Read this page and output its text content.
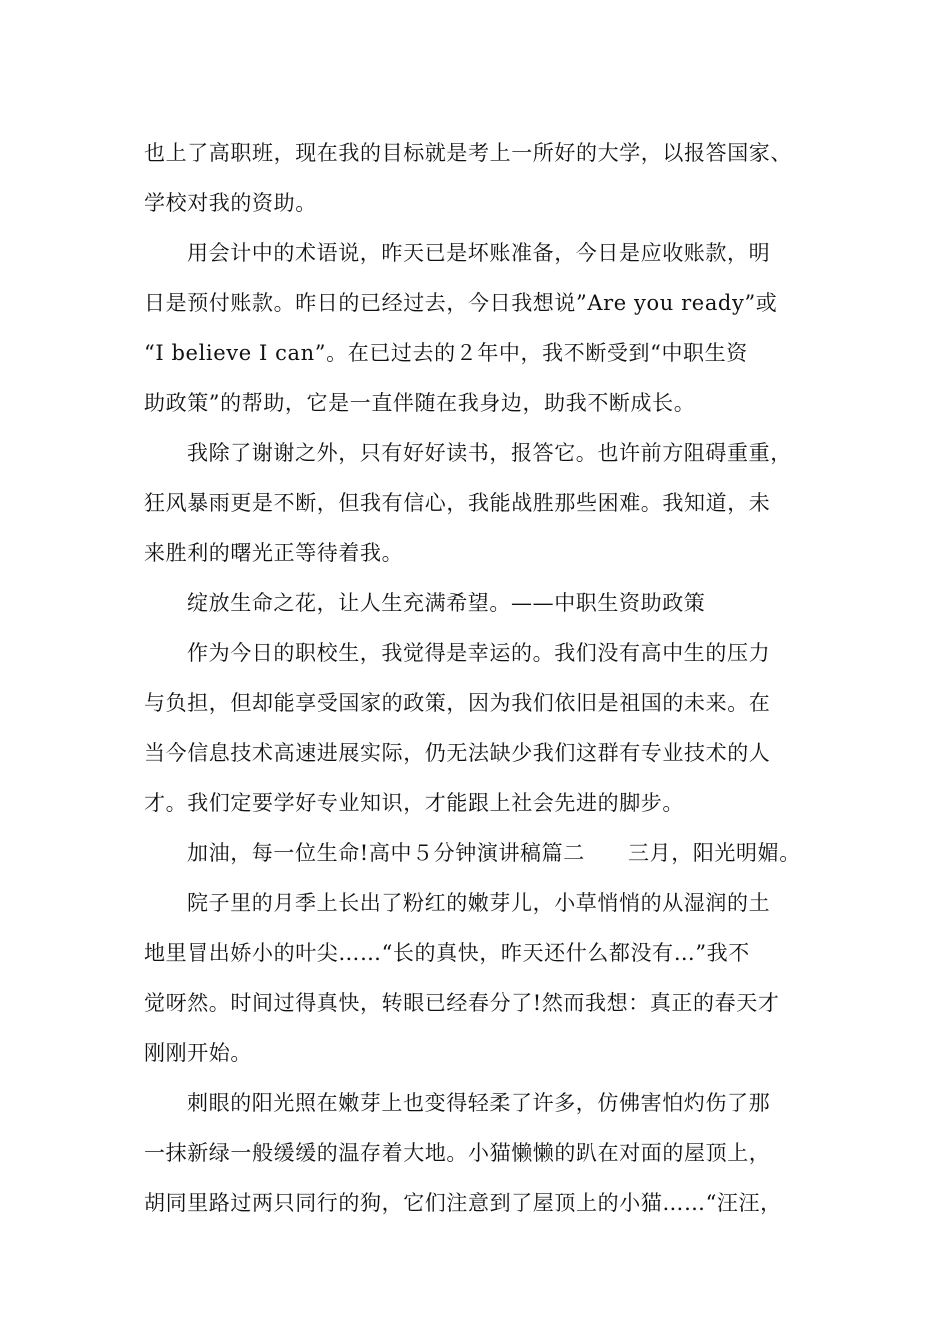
也上了高职班，现在我的目标就是考上一所好的大学，以报答国家、
学校对我的资助。
用会计中的术语说，昨天已是坏账准备，今日是应收账款，明
日是预付账款。昨日的已经过去，今日我想说”Are you ready”或
“I believe I can”。在已过去的２年中，我不断受到“中职生资
助政策”的帮助，它是一直伴随在我身边，助我不断成长。
我除了谢谢之外，只有好好读书，报答它。也许前方阻碍重重，
狂风暴雨更是不断，但我有信心，我能战胜那些困难。我知道，未
来胜利的曙光正等待着我。
绽放生命之花，让人生充满希望。——中职生资助政策
作为今日的职校生，我觉得是幸运的。我们没有高中生的压力
与负担，但却能享受国家的政策，因为我们依旧是祖国的未来。在
当今信息技术高速进展实际，仍无法缺少我们这群有专业技术的人
才。我们定要学好专业知识，才能跟上社会先进的脚步。
加油，每一位生命!高中５分钟演讲稿篇二　　三月，阳光明媚。
院子里的月季上长出了粉红的嫩芽儿，小草悄悄的从湿润的土
地里冒出娇小的叶尖……“长的真快，昨天还什么都没有…”我不
觉呀然。时间过得真快，转眼已经春分了!然而我想：真正的春天才
刚刚开始。
刺眼的阳光照在嫩芽上也变得轻柔了许多，仿佛害怕灼伤了那
一抹新绿一般缓缓的温存着大地。小猫懒懒的趴在对面的屋顶上，
胡同里路过两只同行的狗，它们注意到了屋顶上的小猫……“汪汪，
